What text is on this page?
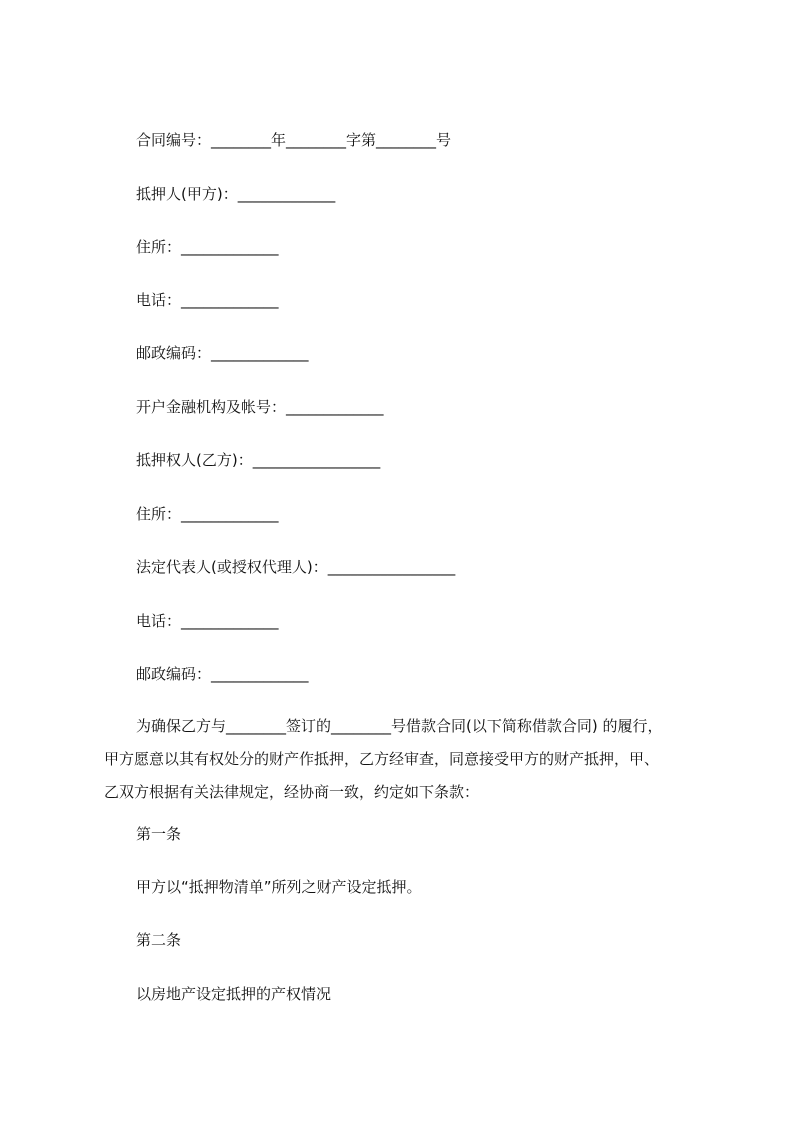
合同编号：________年________字第________号
抵押人(甲方)：_____________
住所：_____________
电话：_____________
邮政编码：_____________
开户金融机构及帐号：_____________
抵押权人(乙方)：_________________
住所：_____________
法定代表人(或授权代理人)：_________________
电话：_____________
邮政编码：_____________
为确保乙方与________签订的________号借款合同(以下简称借款合同) 的履行，
甲方愿意以其有权处分的财产作抵押，乙方经审查，同意接受甲方的财产抵押，甲、
乙双方根据有关法律规定，经协商一致，约定如下条款：
第一条
甲方以“抵押物清单”所列之财产设定抵押。
第二条
以房地产设定抵押的产权情况
